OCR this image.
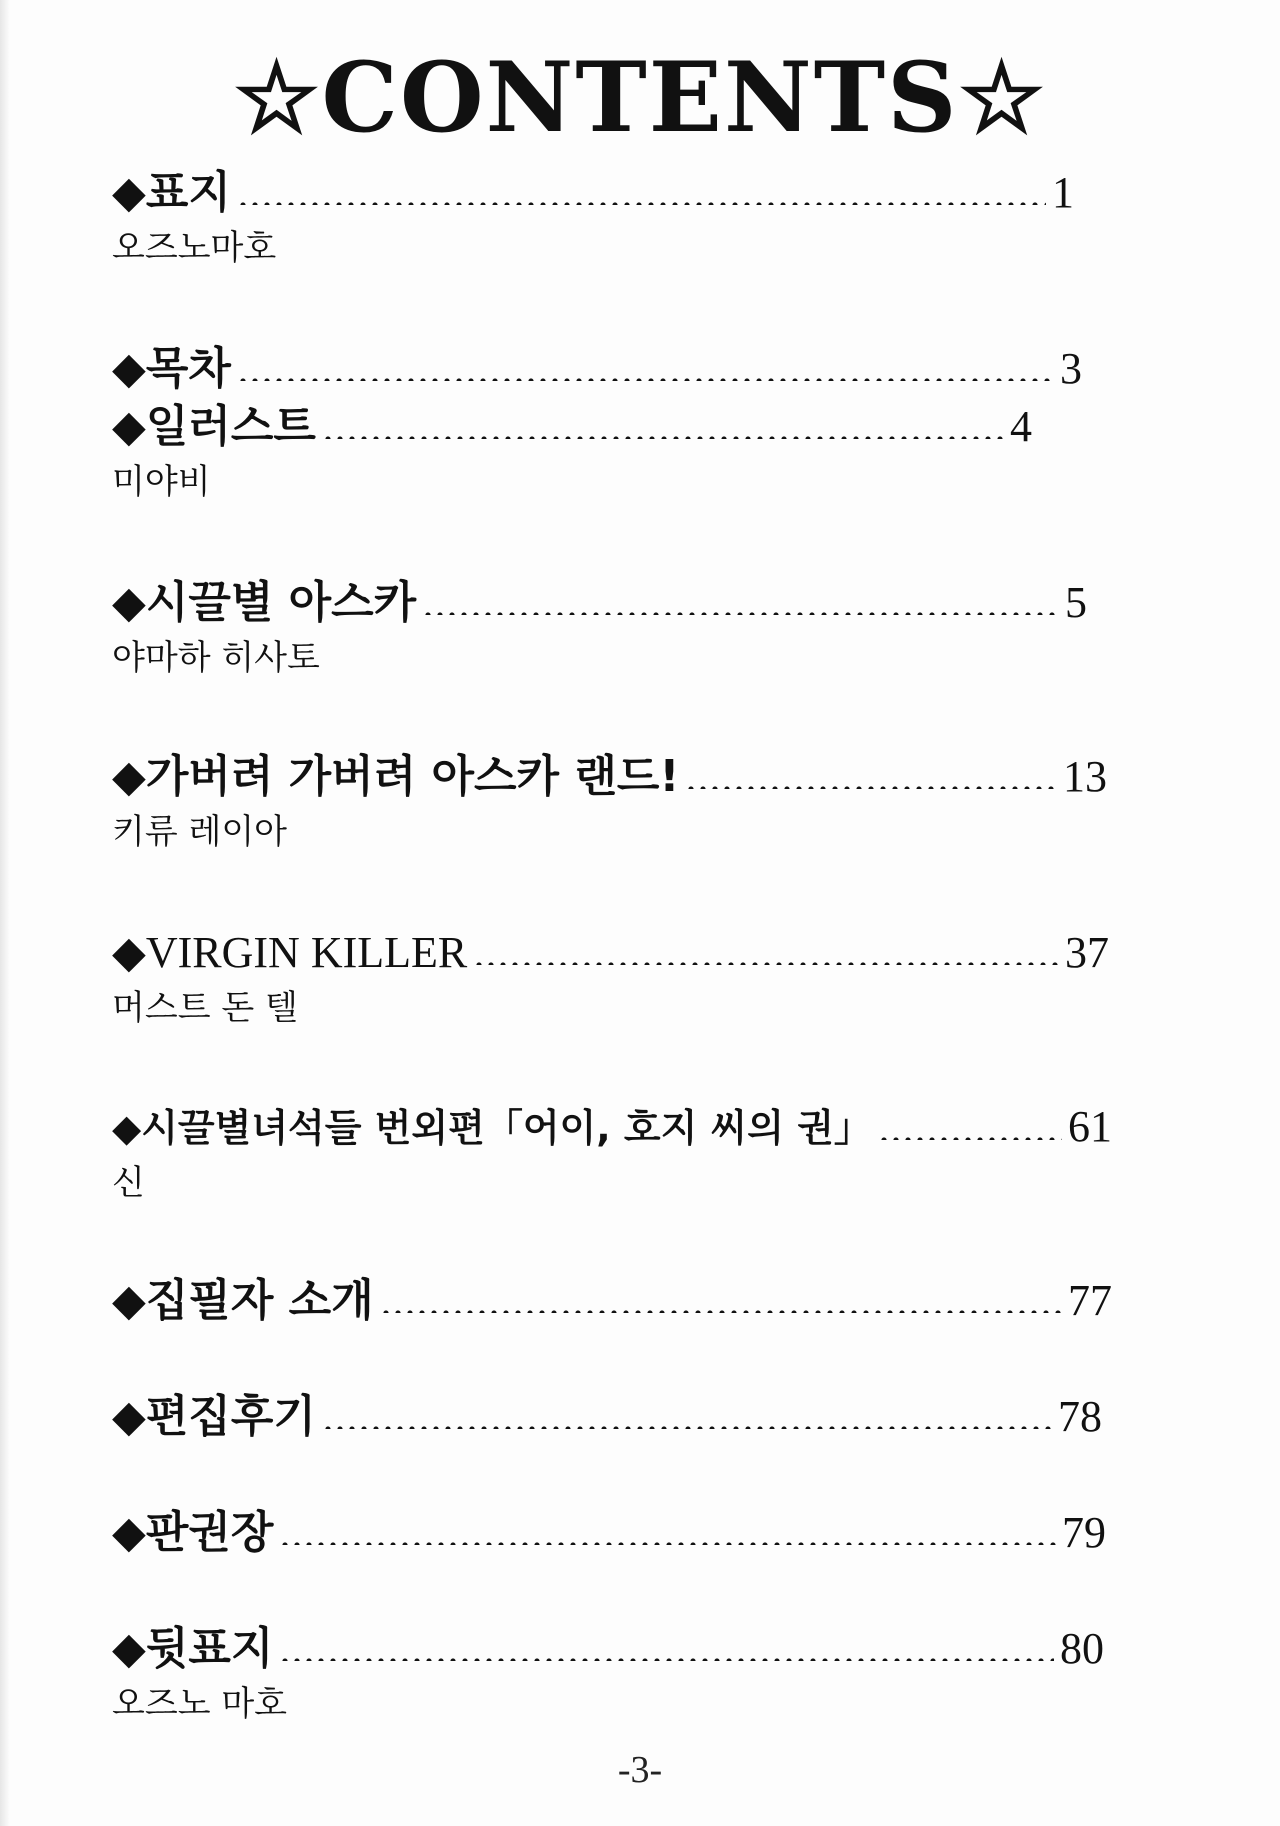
☆CONTENTS☆
◆표지	1
오즈노마호
◆목차	3
◆일러스트	4
미야비
◆시끌별 아스카	5
야마하 히사토
◆가버려 가버려 아스카 랜드!	13
키류 레이아
◆VIRGIN KILLER	37
머스트 돈 텔
◆시끌별녀석들 번외편「어이, 호지 씨의 권」	61
신
◆집필자 소개	77
◆편집후기	78
◆판권장	79
◆뒷표지	80
오즈노 마호
-3-
